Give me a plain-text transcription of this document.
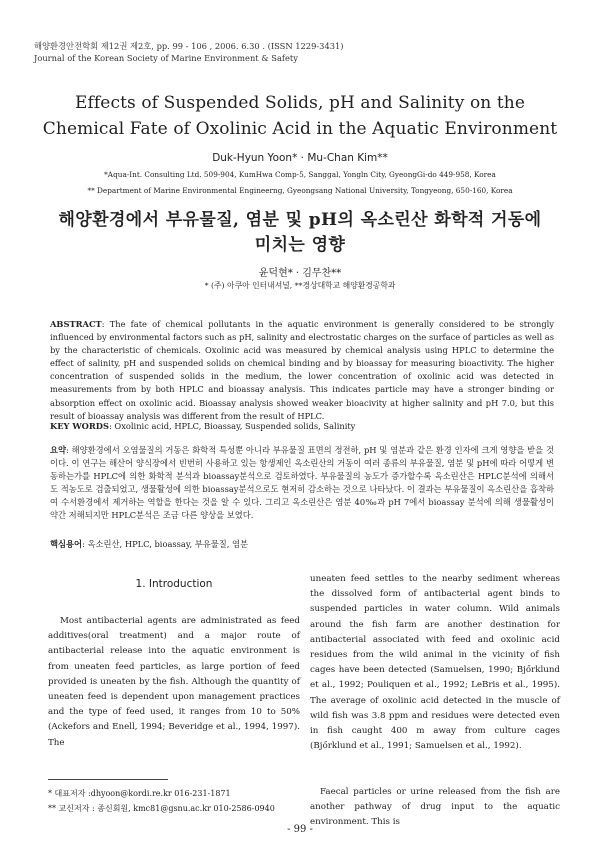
해양환경안전학회 제12권 제2호, pp. 99 - 106 , 2006. 6.30 . (ISSN 1229-3431)
Journal of the Korean Society of Marine Environment & Safety
Effects of Suspended Solids, pH and Salinity on the
Chemical Fate of Oxolinic Acid in the Aquatic Environment
Duk-Hyun Yoon* · Mu-Chan Kim**
*Aqua-Int. Consulting Ltd. 509-904, KumHwa Comp-5, Sanggal, Yongln City, GyeongGi-do 449-958, Korea
** Department of Marine Environmental Engineerng, Gyeongsang National University, Tongyeong, 650-160, Korea
해양환경에서 부유물질, 염분 및 pH의 옥소린산 화학적 거동에
미치는 영향
윤덕현* · 김무찬**
* (주) 아쿠아 인터내셔널, **경상대학교 해양환경공학과
ABSTRACT: The fate of chemical pollutants in the aquatic environment is generally considered to be strongly influenced by environmental factors such as pH, salinity and electrostatic charges on the surface of particles as well as by the characteristic of chemicals. Oxolinic acid was measured by chemical analysis using HPLC to determine the effect of salinity, pH and suspended solids on chemical binding and by bioassay for measuring bioactivity. The higher concentration of suspended solids in the medium, the lower concentration of oxolinic acid was detected in measurements from by both HPLC and bioassay analysis. This indicates particle may have a stronger binding or absorption effect on oxolinic acid. Bioassay analysis showed weaker bioacivity at higher salinity and pH 7.0, but this result of bioassay analysis was different from the result of HPLC.
KEY WORDS: Oxolinic acid, HPLC, Bioassay, Suspended solids, Salinity
요약: 해양환경에서 오염물질의 거동은 화학적 특성뿐 아니라 부유물질 표면의 정전하, pH 및 염분과 같은 환경 인자에 크게 영향을 받을 것이다. 이 연구는 해산어 양식장에서 빈번히 사용하고 있는 항생제인 옥소린산의 거동이 여러 종류의 부유물질, 염분 및 pH에 따라 어떻게 변동하는가를 HPLC에 의한 화학적 분석과 bioassay분석으로 검토하였다. 부유물질의 농도가 증가할수록 옥소린산은 HPLC분석에 의해서도 적농도로 검출되었고, 생물활성에 의한 bioassay분석으로도 현저히 감소하는 것으로 나타났다. 이 결과는 부유물질이 옥소린산을 흡착하여 수서환경에서 제거하는 역할을 한다는 것을 알 수 있다. 그리고 옥소린산은 염분 40‰과 pH 7에서 bioassay 분석에 의해 생물활성이 약간 저해되지만 HPLC분석은 조금 다른 양상을 보였다.
핵심용어: 옥소린산, HPLC, bioassay, 부유물질, 염분
1. Introduction
Most antibacterial agents are administrated as feed additives(oral treatment) and a major route of antibacterial release into the aquatic environment is from uneaten feed particles, as large portion of feed provided is uneaten by the fish. Although the quantity of uneaten feed is dependent upon management practices and the type of feed used, it ranges from 10 to 50%(Ackefors and Enell, 1994; Beveridge et al., 1994, 1997). The
* 대표저자 :dhyoon@kordi.re.kr 016-231-1871
** 교신저자 : 종신회원, kmc81@gsnu.ac.kr 010-2586-0940
uneaten feed settles to the nearby sediment whereas the dissolved form of antibacterial agent binds to suspended particles in water column. Wild animals around the fish farm are another destination for antibacterial associated with feed and oxolinic acid residues from the wild animal in the vicinity of fish cages have been detected (Samuelsen, 1990; Bjőrklund et al., 1992; Pouliquen et al., 1992; LeBris et al., 1995). The average of oxolinic acid detected in the muscle of wild fish was 3.8 ppm and residues were detected even in fish caught 400 m away from culture cages (Bjőrklund et al., 1991; Samuelsen et al., 1992).
Faecal particles or urine released from the fish are another pathway of drug input to the aquatic environment. This is
- 99 -
